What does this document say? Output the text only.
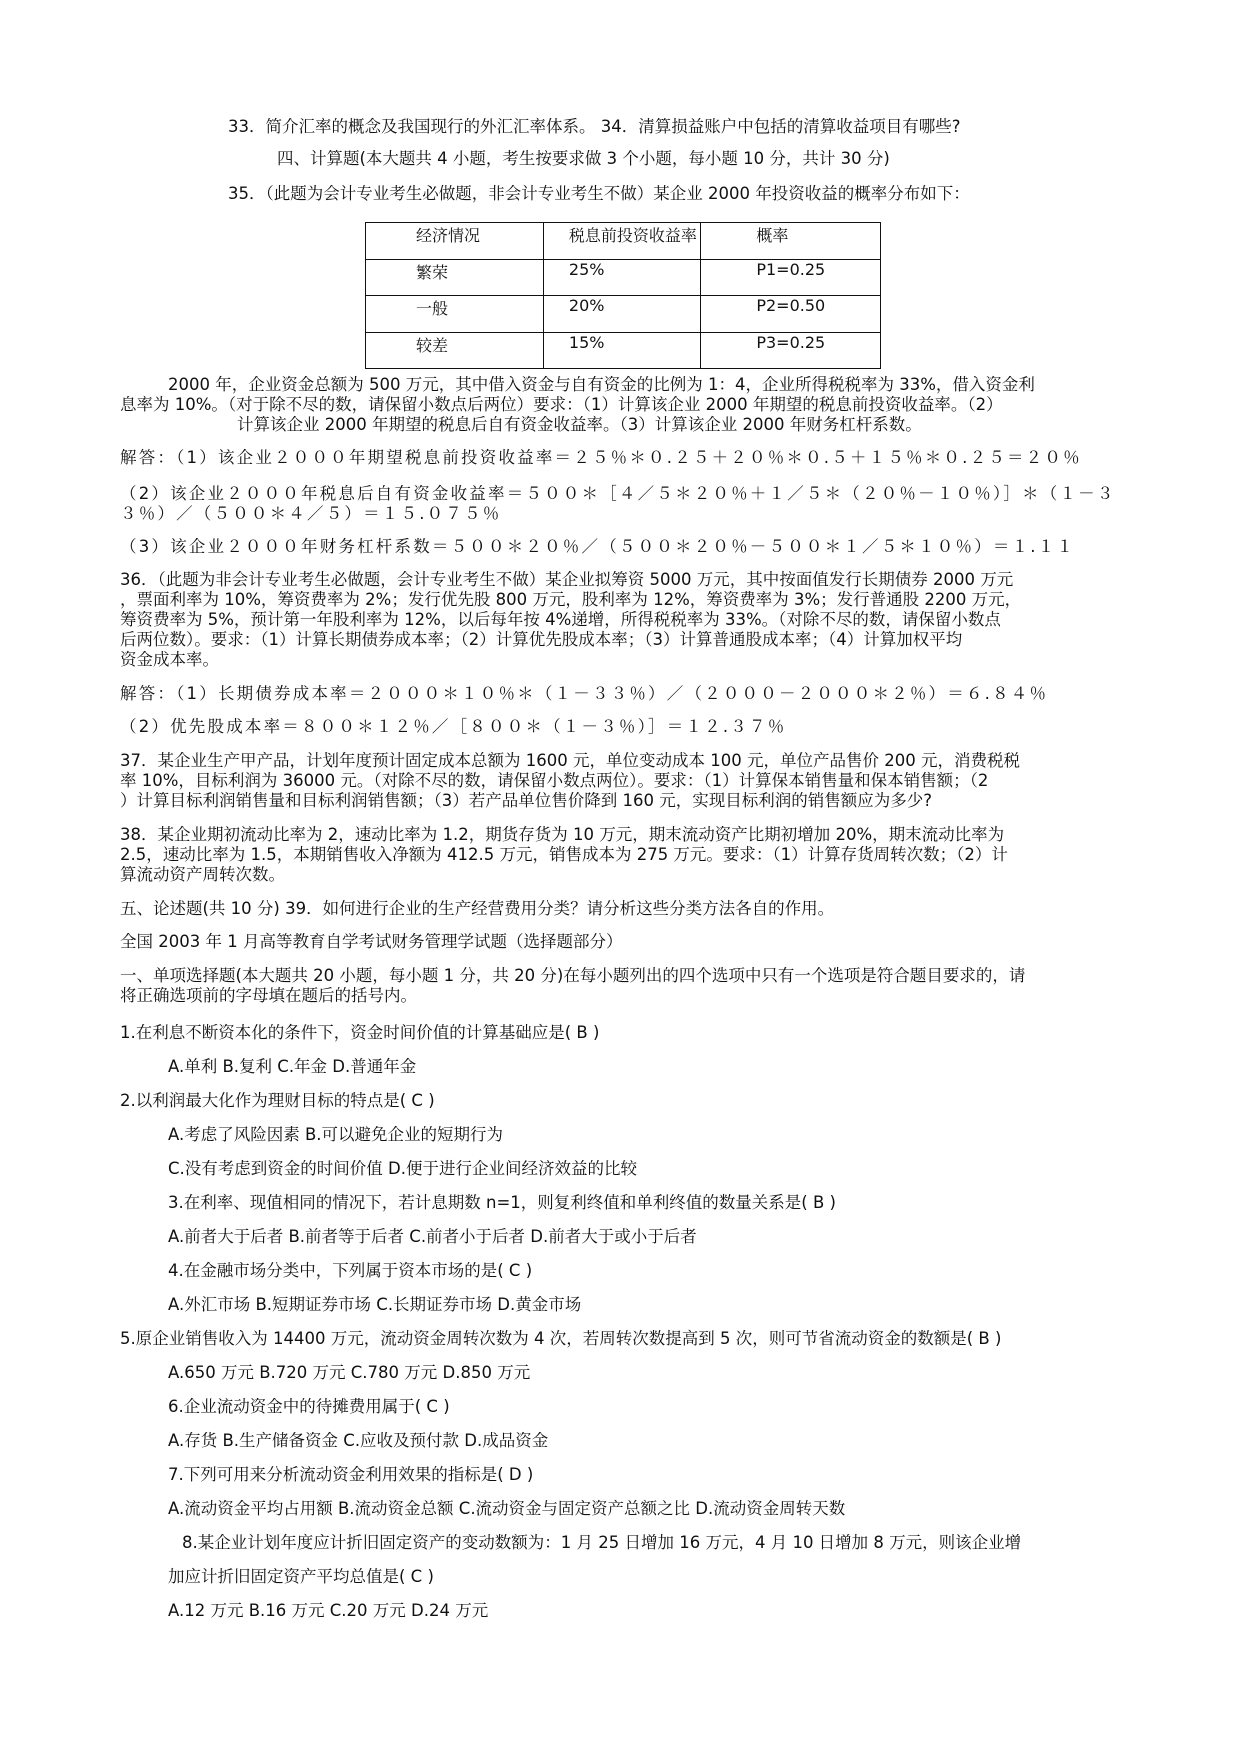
33．简介汇率的概念及我国现行的外汇汇率体系。 34．清算损益账户中包括的清算收益项目有哪些?
四、计算题(本大题共 4 小题，考生按要求做 3 个小题，每小题 10 分，共计 30 分)
35．（此题为会计专业考生必做题，非会计专业考生不做）某企业 2000 年投资收益的概率分布如下：
经济情况	税息前投资收益率	概率
繁荣	25%	P1=0.25
一般	20%	P2=0.50
较差	15%	P3=0.25
2000 年，企业资金总额为 500 万元，其中借入资金与自有资金的比例为 1：4，企业所得税税率为 33%，借入资金利
息率为 10%。（对于除不尽的数，请保留小数点后两位）要求：（1）计算该企业 2000 年期望的税息前投资收益率。（2）
计算该企业 2000 年期望的税息后自有资金收益率。（3）计算该企业 2000 年财务杠杆系数。
解答：（1）该企业２０００年期望税息前投资收益率＝２５％＊０.２５＋２０％＊０.５＋１５％＊０.２５＝２０％
（2）该企业２０００年税息后自有资金收益率＝５００＊［４／５＊２０％＋１／５＊（２０％－１０％）］＊（１－３
３％）／（５００＊４／５）＝１５.０７５％
（3）该企业２０００年财务杠杆系数＝５００＊２０％／（５００＊２０％－５００＊１／５＊１０％）＝１.１１
36．（此题为非会计专业考生必做题，会计专业考生不做）某企业拟筹资 5000 万元，其中按面值发行长期债券 2000 万元
，票面利率为 10%，筹资费率为 2%；发行优先股 800 万元，股利率为 12%，筹资费率为 3%；发行普通股 2200 万元，
筹资费率为 5%，预计第一年股利率为 12%，以后每年按 4%递增，所得税税率为 33%。（对除不尽的数，请保留小数点
后两位数）。要求：（1）计算长期债券成本率；（2）计算优先股成本率；（3）计算普通股成本率；（4）计算加权平均
资金成本率。
解答：（1）长期债券成本率＝２０００＊１０％＊（１－３３％）／（２０００－２０００＊２％）＝６.８４％
（2）优先股成本率＝８００＊１２％／［８００＊（１－３％）］＝１２.３７％
37．某企业生产甲产品，计划年度预计固定成本总额为 1600 元，单位变动成本 100 元，单位产品售价 200 元，消费税税
率 10%，目标利润为 36000 元。（对除不尽的数，请保留小数点两位）。要求：（1）计算保本销售量和保本销售额；（2
）计算目标利润销售量和目标利润销售额；（3）若产品单位售价降到 160 元，实现目标利润的销售额应为多少?
38．某企业期初流动比率为 2，速动比率为 1.2，期货存货为 10 万元，期末流动资产比期初增加 20%，期末流动比率为
2.5，速动比率为 1.5，本期销售收入净额为 412.5 万元，销售成本为 275 万元。要求：（1）计算存货周转次数；（2）计
算流动资产周转次数。
五、论述题(共 10 分) 39．如何进行企业的生产经营费用分类？请分析这些分类方法各自的作用。
全国 2003 年 1 月高等教育自学考试财务管理学试题（选择题部分）
一、单项选择题(本大题共 20 小题，每小题 1 分，共 20 分)在每小题列出的四个选项中只有一个选项是符合题目要求的，请
将正确选项前的字母填在题后的括号内。
1.在利息不断资本化的条件下，资金时间价值的计算基础应是( B )
A.单利 B.复利 C.年金 D.普通年金
2.以利润最大化作为理财目标的特点是( C )
A.考虑了风险因素 B.可以避免企业的短期行为
C.没有考虑到资金的时间价值 D.便于进行企业间经济效益的比较
3.在利率、现值相同的情况下，若计息期数 n=1，则复利终值和单利终值的数量关系是( B )
A.前者大于后者 B.前者等于后者 C.前者小于后者 D.前者大于或小于后者
4.在金融市场分类中，下列属于资本市场的是( C )
A.外汇市场 B.短期证券市场 C.长期证券市场 D.黄金市场
5.原企业销售收入为 14400 万元，流动资金周转次数为 4 次，若周转次数提高到 5 次，则可节省流动资金的数额是( B )
A.650 万元 B.720 万元 C.780 万元 D.850 万元
6.企业流动资金中的待摊费用属于( C )
A.存货 B.生产储备资金 C.应收及预付款 D.成品资金
7.下列可用来分析流动资金利用效果的指标是( D )
A.流动资金平均占用额 B.流动资金总额 C.流动资金与固定资产总额之比 D.流动资金周转天数
8.某企业计划年度应计折旧固定资产的变动数额为：1 月 25 日增加 16 万元，4 月 10 日增加 8 万元，则该企业增
加应计折旧固定资产平均总值是( C )
A.12 万元 B.16 万元 C.20 万元 D.24 万元
